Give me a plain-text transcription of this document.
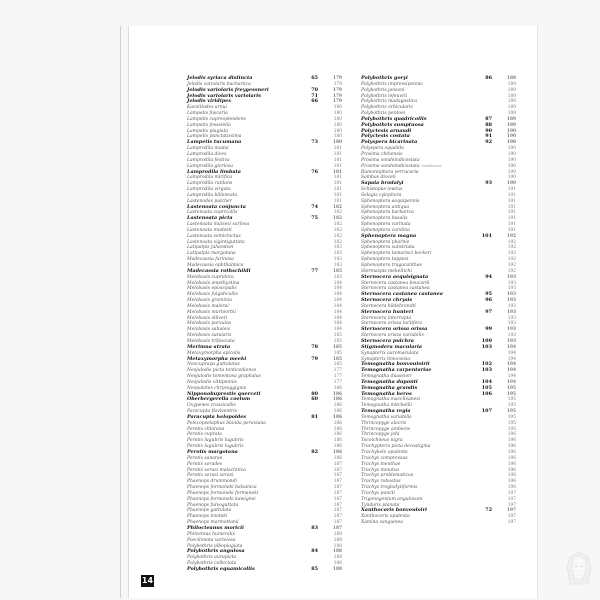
Jelodis syriaca distincta	65	179
Jelodis variolaris buchariica	179
Jelodis variolaris freygessneri	70	179
Jelodis variolaris variolaris	71	179
Jelodis viridipes	66	179
Kasnitiodes arnui	180
Lampetis fuscaria	180
Lampetis cupreoplendens	180
Lampetis fosselella	180
Lampetis plagiata	180
Lampetis punctatissima	180
Lampetis tucumana	73	180
Lamprodila mudai	181
Lamprodila dives	181
Lamprodila festiva	181
Lamprodila gloriosa	181
Lamprodila limbata	76	181
Lamprodila mirifica	181
Lamprodila rutilans	181
Lamprodila virgata	181
Lamprodila billeneata	181
Lastenodes pulcher	181
Lastenoata conjuncta	74	182
Lastenoata cupricollis	182
Lastenoata picta	75	182
Lastenoata mulsesi surfosa	182
Lastenoata modesti	182
Lastenoata semicinctus	182
Lastenoata vigintiguttata	182
Latipalpis juhandoei	183
Latipalpis margotana	183
Madecassia farinosa	183
Madecassia ophthalmica	183
Madecassia rothschildi	77	183
Melobasis cupridora	183
Melobasis amethystina	184
Melobasis episcopalis	184
Melobasis fulgidicollis	184
Melobasis graminia	184
Melobasis malerai	184
Melobasis murtoorbii	184
Melobasis olliveri	184
Melobasis parvulas	184
Melobasis sabuleis	184
Melobasis sutularis	185
Melobasis trifasciata	185
Merimna atrata	78	185
Metaxymorpha apicalis	185
Metaxymorpha meeki	79	185
Neocuprapa guttulatus	185
Neojulodis picta tonticediense	177
Neojulodis tomentosa graphalus	177
Neojulodis vittipennis	177
Neopalotes chrysoggignis	186
Nipponobuprestis querceti	80	186
Oberbergerella coelum	60	186
Oxypenes crassicallis	186
Paracupta flaviventris	186
Paracupta helopoides	81	186
Pelecopselaphus blanda peruviana	186
Perotis chlorana	186
Perotis cuprata	186
Perotis lugubris lugubris	186
Perotis lugubris lugubris	186
Perotis margotana	82	186
Perotis sanarae	186
Perotis xerades	187
Perotis xerasi malachitica	187
Perotis xerasi xerasi	187
Phaenops drummondi	187
Phaenops formaneki balsanica	187
Phaenops formaneki formaneki	187
Phaenops formaneki kawignei	187
Phaenops fulvoguttata	187
Phaenops guttulata	187
Phaenops knoteki	187
Phaenops marmottanii	187
Philocteanus moricii	83	187
Philocteus humeralis	188
Poecilonota variolosa	188
Polybothris albopiagiata	188
Polybothris angulosa	84	188
Polybothris aurupicta	188
Polybothris collectata	188
Polybothris equamicollis	85	188
Polybothris goryi	86	188
Polybothris impressipennis	189
Polybothris jansoni	189
Polybothris lefeuvrii	189
Polybothris madagastica	189
Polybothris orbicularis	189
Polybothris pentoei	189
Polybothris quadricollis	87	189
Polybothris sumptuosa	88	189
Polyctesis arnaudi	90	190
Polyctesis costata	91	190
Polyspera bicarinata	92	190
Polyspera squalida	190
Prosima chinensis	190
Prosima sondeindicostata	190
Prosima sondeindicostata semilucens	190
Ramonnphora verrucaria	190
Sambus dioceli	190
Sapaia brodalyi	93	190
Schistopus lowtus	191
Selagis cylophora	191
Sphenoptera aequipennis	191
Sphenoptera antiqua	191
Sphenoptera barbarica	191
Sphenoptera basalis	191
Sphenoptera carinata	191
Sphenoptera carslina	191
Sphenoptera magna	101	192
Sphenoptera pharnie	192
Sphenoptera substriata	192
Sphenoptera tamarisci beckeri	192
Sphenoptera tappesi	192
Sphenoptera tragacanthae	192
Stermaspis mekeltichi	192
Sternocera aequisignata	94	193
Sternocera castanea boucardi	193
Sternocera castanea castanea	193
Sternocera castanea castanea	95	193
Sternocera chrysis	96	193
Sternocera hildebrandti	193
Sternocera hunteri	97	193
Sternocera interrupta	193
Sternocera orissa luctifera	193
Sternocera orissa orissa	99	193
Sternocera orissa variabilis	193
Sternocera pulchra	100	193
Stigmodera macularia	103	194
Synapterix auromaculata	194
Synapterix limocoisia	194
Temognatha bonvouloirii	102	194
Temognatha carpentariae	103	194
Temognatha duaseiori	194
Temognatha duponti	104	194
Temognatha grandis	105	195
Temognatha heros	106	195
Temognatha macclleanesi	195
Temognatha mitchellii	195
Temognatha regia	107	195
Temognatha variabilis	195
Thrincopyge alacris	195
Thrincopyge ambiens	195
Thrincopyge johi	196
Tocoichneus nigra	196
Trachypteris picta decastigma	196
Trachykele opulenta	196
Trachys compressus	196
Trachys menthae	196
Trachys minutus	196
Trachys problematicus	196
Trachys robustus	196
Trachys troglodytiformis	196
Trachys puncti	197
Trigonogenium angulosum	197
Tyndaris planata	197
Xanthocoris bonvouloiri	72	197
Xanthocoris opulenta	197
Xamino sanguinea	197
14
